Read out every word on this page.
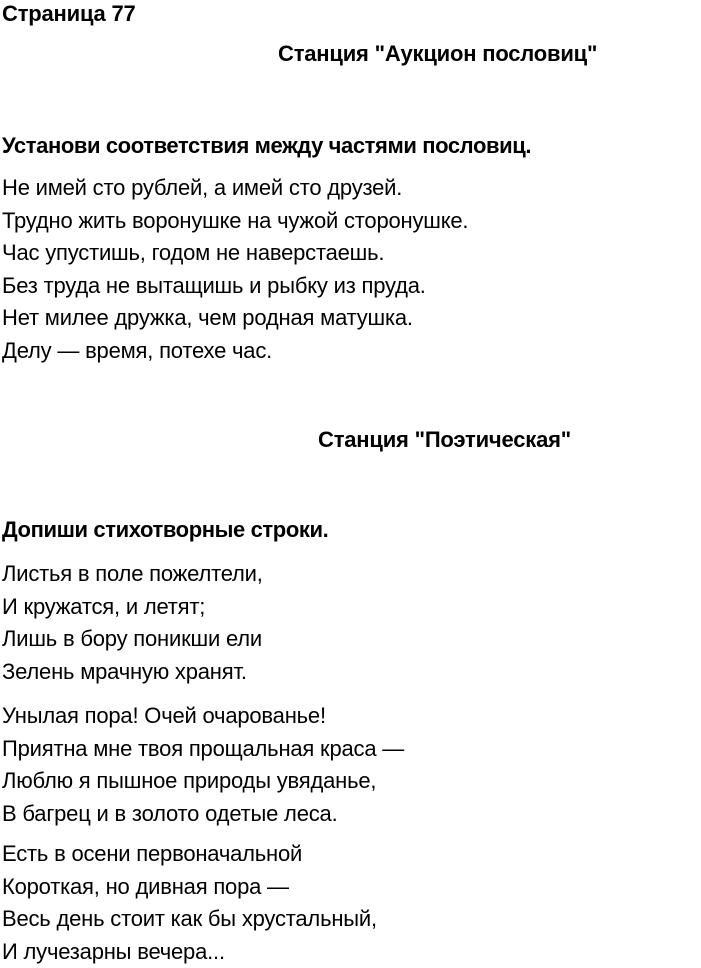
Страница 77
Станция "Аукцион пословиц"
Установи соответствия между частями пословиц.
Не имей сто рублей, а имей сто друзей.
Трудно жить воронушке на чужой сторонушке.
Час упустишь, годом не наверстаешь.
Без труда не вытащишь и рыбку из пруда.
Нет милее дружка, чем родная матушка.
Делу — время, потехе час.
Станция "Поэтическая"
Допиши стихотворные строки.
Листья в поле пожелтели,
И кружатся, и летят;
Лишь в бору поникши ели
Зелень мрачную хранят.
Унылая пора! Очей очарованье!
Приятна мне твоя прощальная краса —
Люблю я пышное природы увяданье,
В багрец и в золото одетые леса.
Есть в осени первоначальной
Короткая, но дивная пора —
Весь день стоит как бы хрустальный,
И лучезарны вечера...
